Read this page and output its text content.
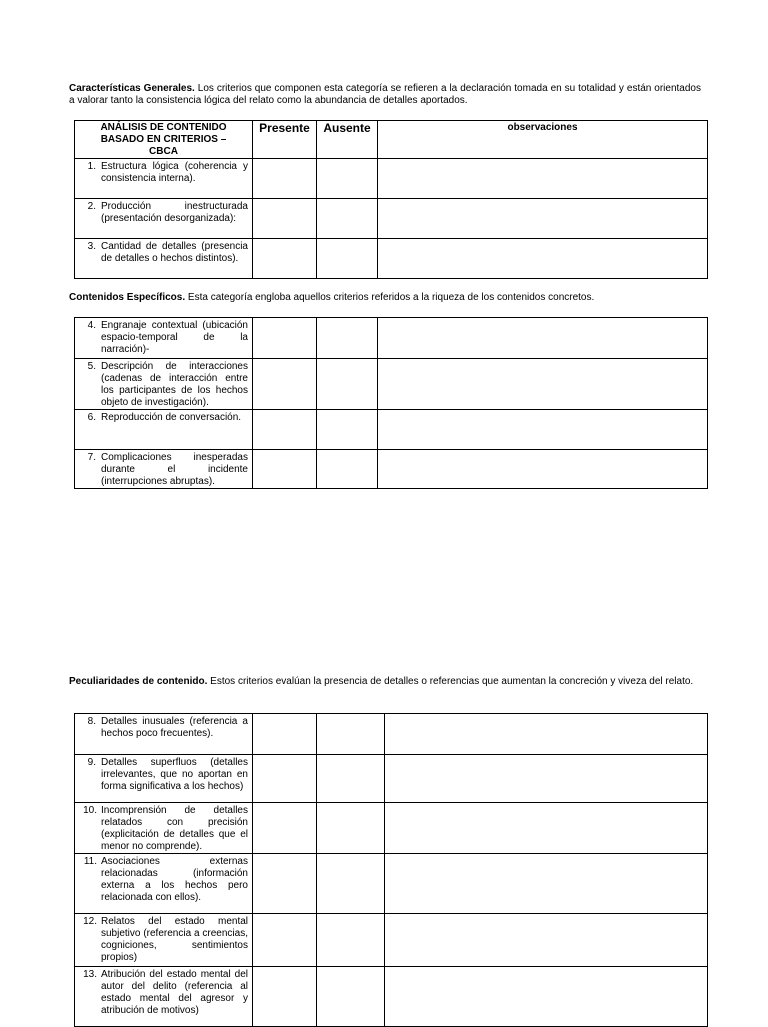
Características Generales. Los criterios que componen esta categoría se refieren a la declaración tomada en su totalidad y están orientados a valorar tanto la consistencia lógica del relato como la abundancia de detalles aportados.

ANÁLISIS DE CONTENIDO BASADO EN CRITERIOS – CBCA	Presente	Ausente	observaciones

1. Estructura lógica (coherencia y consistencia interna).			

2. Producción inestructurada (presentación desorganizada):			

3. Cantidad de detalles (presencia de detalles o hechos distintos).			

Contenidos Específicos. Esta categoría engloba aquellos criterios referidos a la riqueza de los contenidos concretos.

4. Engranaje contextual (ubicación espacio-temporal de la narración)-			

5. Descripción de interacciones (cadenas de interacción entre los participantes de los hechos objeto de investigación).			

6. Reproducción de conversación.			

7. Complicaciones inesperadas durante el incidente (interrupciones abruptas).			

Peculiaridades de contenido. Estos criterios evalúan la presencia de detalles o referencias que aumentan la concreción y viveza del relato.

8. Detalles inusuales (referencia a hechos poco frecuentes).			

9. Detalles superfluos (detalles irrelevantes, que no aportan en forma significativa a los hechos)			

10. Incomprensión de detalles relatados con precisión (explicitación de detalles que el menor no comprende).			

11. Asociaciones externas relacionadas (información externa a los hechos pero relacionada con ellos).			

12. Relatos del estado mental subjetivo (referencia a creencias, cogniciones, sentimientos propios)			

13. Atribución del estado mental del autor del delito (referencia al estado mental del agresor y atribución de motivos)			
